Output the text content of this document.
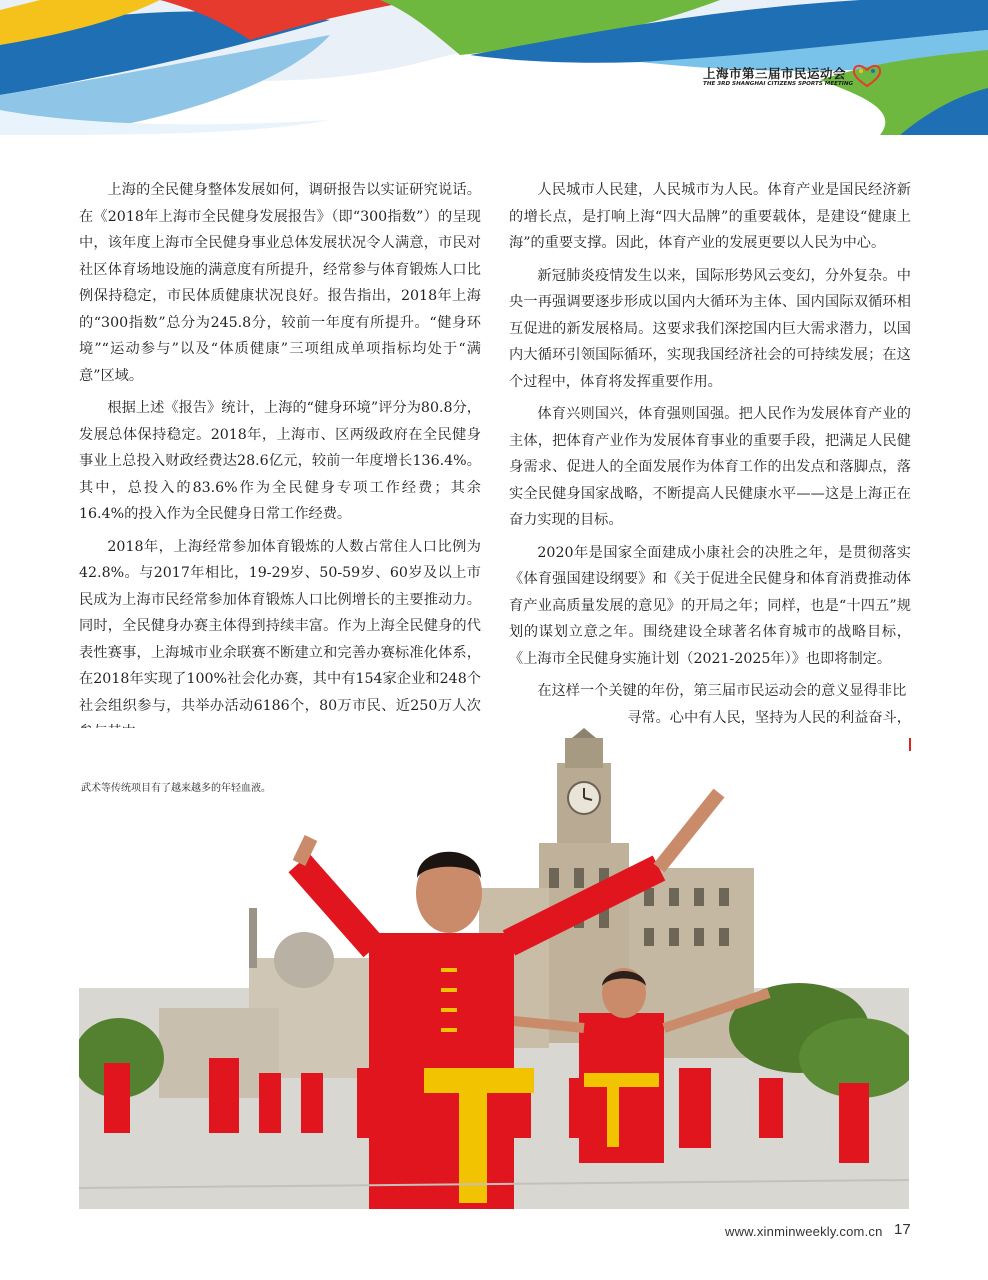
上海市第三届市民运动会
THE 3RD SHANGHAI CITIZENS SPORTS MEETING

上海的全民健身整体发展如何，调研报告以实证研究说话。在《2018年上海市全民健身发展报告》（即“300指数”）的呈现中，该年度上海市全民健身事业总体发展状况令人满意，市民对社区体育场地设施的满意度有所提升，经常参与体育锻炼人口比例保持稳定，市民体质健康状况良好。报告指出，2018年上海的“300指数”总分为245.8分，较前一年度有所提升。“健身环境”“运动参与”以及“体质健康”三项组成单项指标均处于“满意”区域。

根据上述《报告》统计，上海的“健身环境”评分为80.8分，发展总体保持稳定。2018年，上海市、区两级政府在全民健身事业上总投入财政经费达28.6亿元，较前一年度增长136.4%。其中，总投入的83.6%作为全民健身专项工作经费；其余16.4%的投入作为全民健身日常工作经费。

2018年，上海经常参加体育锻炼的人数占常住人口比例为42.8%。与2017年相比，19-29岁、50-59岁、60岁及以上市民成为上海市民经常参加体育锻炼人口比例增长的主要推动力。同时，全民健身办赛主体得到持续丰富。作为上海全民健身的代表性赛事，上海城市业余联赛不断建立和完善办赛标准化体系，在2018年实现了100%社会化办赛，其中有154家企业和248个社会组织参与，共举办活动6186个，80万市民、近250万人次

人民城市人民建，人民城市为人民。体育产业是国民经济新的增长点，是打响上海“四大品牌”的重要载体，是建设“健康上海”的重要支撑。因此，体育产业的发展更要以人民为中心。

新冠肺炎疫情发生以来，国际形势风云变幻，分外复杂。中央一再强调要逐步形成以国内大循环为主体、国内国际双循环相互促进的新发展格局。这要求我们深挖国内巨大需求潜力，以国内大循环引领国际循环，实现我国经济社会的可持续发展；在这个过程中，体育将发挥重要作用。

体育兴则国兴，体育强则国强。把人民作为发展体育产业的主体，把体育产业作为发展体育事业的重要手段，把满足人民健身需求、促进人的全面发展作为体育工作的出发点和落脚点，落实全民健身国家战略，不断提高人民健康水平——这是上海正在奋力实现的目标。

2020年是国家全面建成小康社会的决胜之年，是贯彻落实《体育强国建设纲要》和《关于促进全民健身和体育消费推动体育产业高质量发展的意见》的开局之年；同样，也是“十四五”规划的谋划立意之年。围绕建设全球著名体育城市的战略目标，《上海市全民健身实施计划（2021-2025年）》也即将制定。

在这样一个关键的年份，第三届市民运动会的意义显得非比

寻常。心中有人民，坚持为人民的利益奋斗，

武术等传统项目有了越来越多的年轻血液。
www.xinminweekly.com.cn 17
